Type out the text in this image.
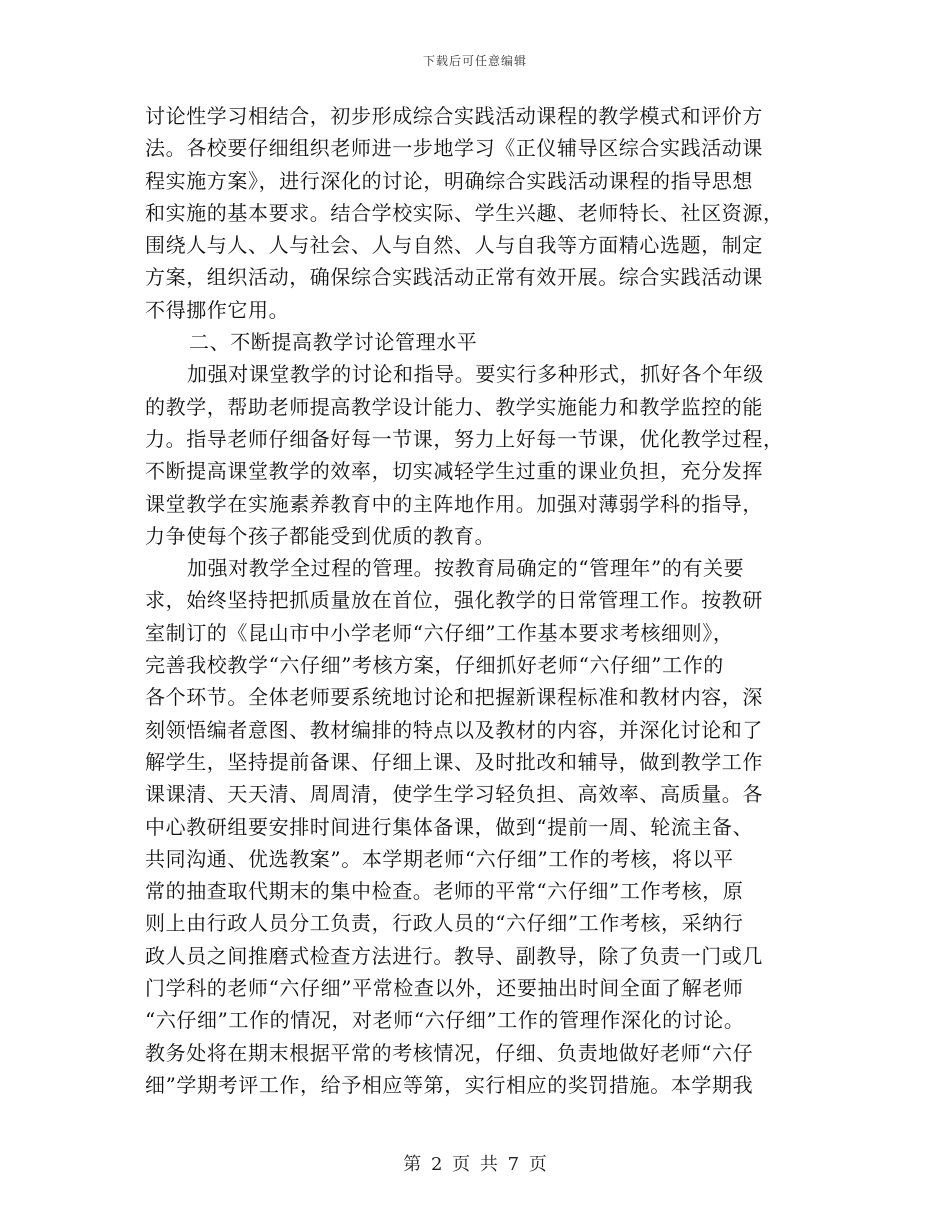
下载后可任意编辑
讨论性学习相结合，初步形成综合实践活动课程的教学模式和评价方
法。各校要仔细组织老师进一步地学习《正仪辅导区综合实践活动课
程实施方案》，进行深化的讨论，明确综合实践活动课程的指导思想
和实施的基本要求。结合学校实际、学生兴趣、老师特长、社区资源，
围绕人与人、人与社会、人与自然、人与自我等方面精心选题，制定
方案，组织活动，确保综合实践活动正常有效开展。综合实践活动课
不得挪作它用。
二、不断提高教学讨论管理水平
加强对课堂教学的讨论和指导。要实行多种形式，抓好各个年级
的教学，帮助老师提高教学设计能力、教学实施能力和教学监控的能
力。指导老师仔细备好每一节课，努力上好每一节课，优化教学过程，
不断提高课堂教学的效率，切实减轻学生过重的课业负担，充分发挥
课堂教学在实施素养教育中的主阵地作用。加强对薄弱学科的指导，
力争使每个孩子都能受到优质的教育。
加强对教学全过程的管理。按教育局确定的“管理年”的有关要
求，始终坚持把抓质量放在首位，强化教学的日常管理工作。按教研
室制订的《昆山市中小学老师“六仔细”工作基本要求考核细则》，
完善我校教学“六仔细”考核方案，仔细抓好老师“六仔细”工作的
各个环节。全体老师要系统地讨论和把握新课程标准和教材内容，深
刻领悟编者意图、教材编排的特点以及教材的内容，并深化讨论和了
解学生，坚持提前备课、仔细上课、及时批改和辅导，做到教学工作
课课清、天天清、周周清，使学生学习轻负担、高效率、高质量。各
中心教研组要安排时间进行集体备课，做到“提前一周、轮流主备、
共同沟通、优选教案”。本学期老师“六仔细”工作的考核，将以平
常的抽查取代期末的集中检查。老师的平常“六仔细”工作考核，原
则上由行政人员分工负责，行政人员的“六仔细”工作考核，采纳行
政人员之间推磨式检查方法进行。教导、副教导，除了负责一门或几
门学科的老师“六仔细”平常检查以外，还要抽出时间全面了解老师
“六仔细”工作的情况，对老师“六仔细”工作的管理作深化的讨论。
教务处将在期末根据平常的考核情况，仔细、负责地做好老师“六仔
细”学期考评工作，给予相应等第，实行相应的奖罚措施。本学期我
第 2 页 共 7 页
